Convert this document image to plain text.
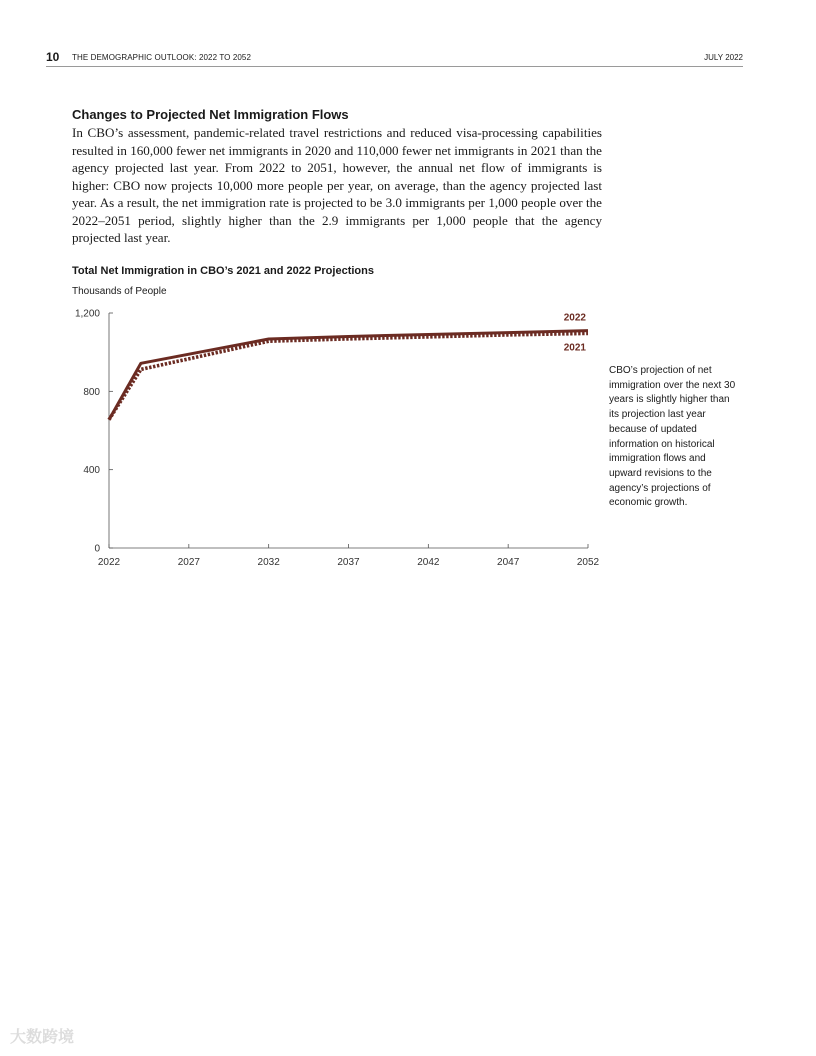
10 THE DEMOGRAPHIC OUTLOOK: 2022 TO 2052	JULY 2022
Changes to Projected Net Immigration Flows
In CBO’s assessment, pandemic-related travel restrictions and reduced visa-processing capabilities resulted in 160,000 fewer net immigrants in 2020 and 110,000 fewer net immigrants in 2021 than the agency projected last year. From 2022 to 2051, however, the annual net flow of immigrants is higher: CBO now projects 10,000 more people per year, on average, than the agency projected last year. As a result, the net immigration rate is projected to be 3.0 immigrants per 1,000 people over the 2022–2051 period, slightly higher than the 2.9 immigrants per 1,000 people that the agency projected last year.
Total Net Immigration in CBO’s 2021 and 2022 Projections
Thousands of People
0
400
800
1,200
2022	2027	2032	2037	2042	2047	2052
2022
2021
CBO’s projection of net immigration over the next 30 years is slightly higher than its projection last year because of updated information on historical immigration flows and upward revisions to the agency’s projections of economic growth.
大数跨境
